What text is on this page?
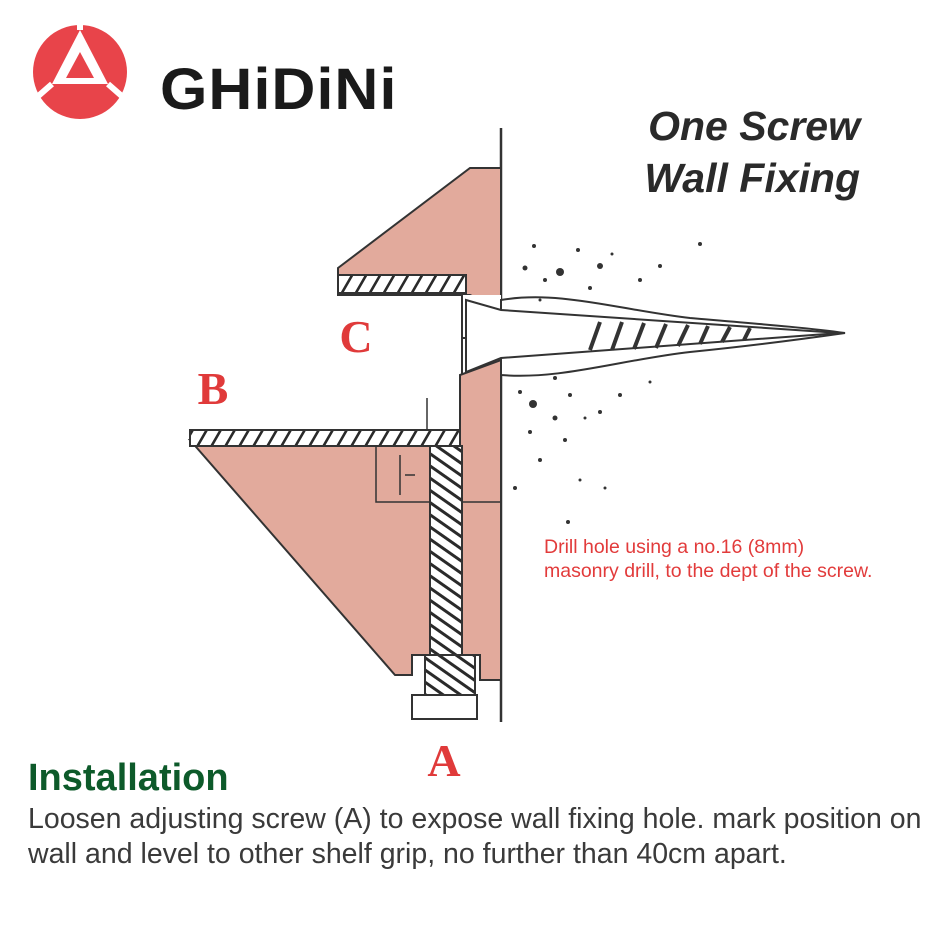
GHiDiNi
One Screw
Wall Fixing
C
B
A
Drill hole using a no.16 (8mm) masonry drill, to the dept of the screw.
Installation
Loosen adjusting screw (A) to expose wall fixing hole. mark position on wall and level to other shelf grip, no further than 40cm apart.
